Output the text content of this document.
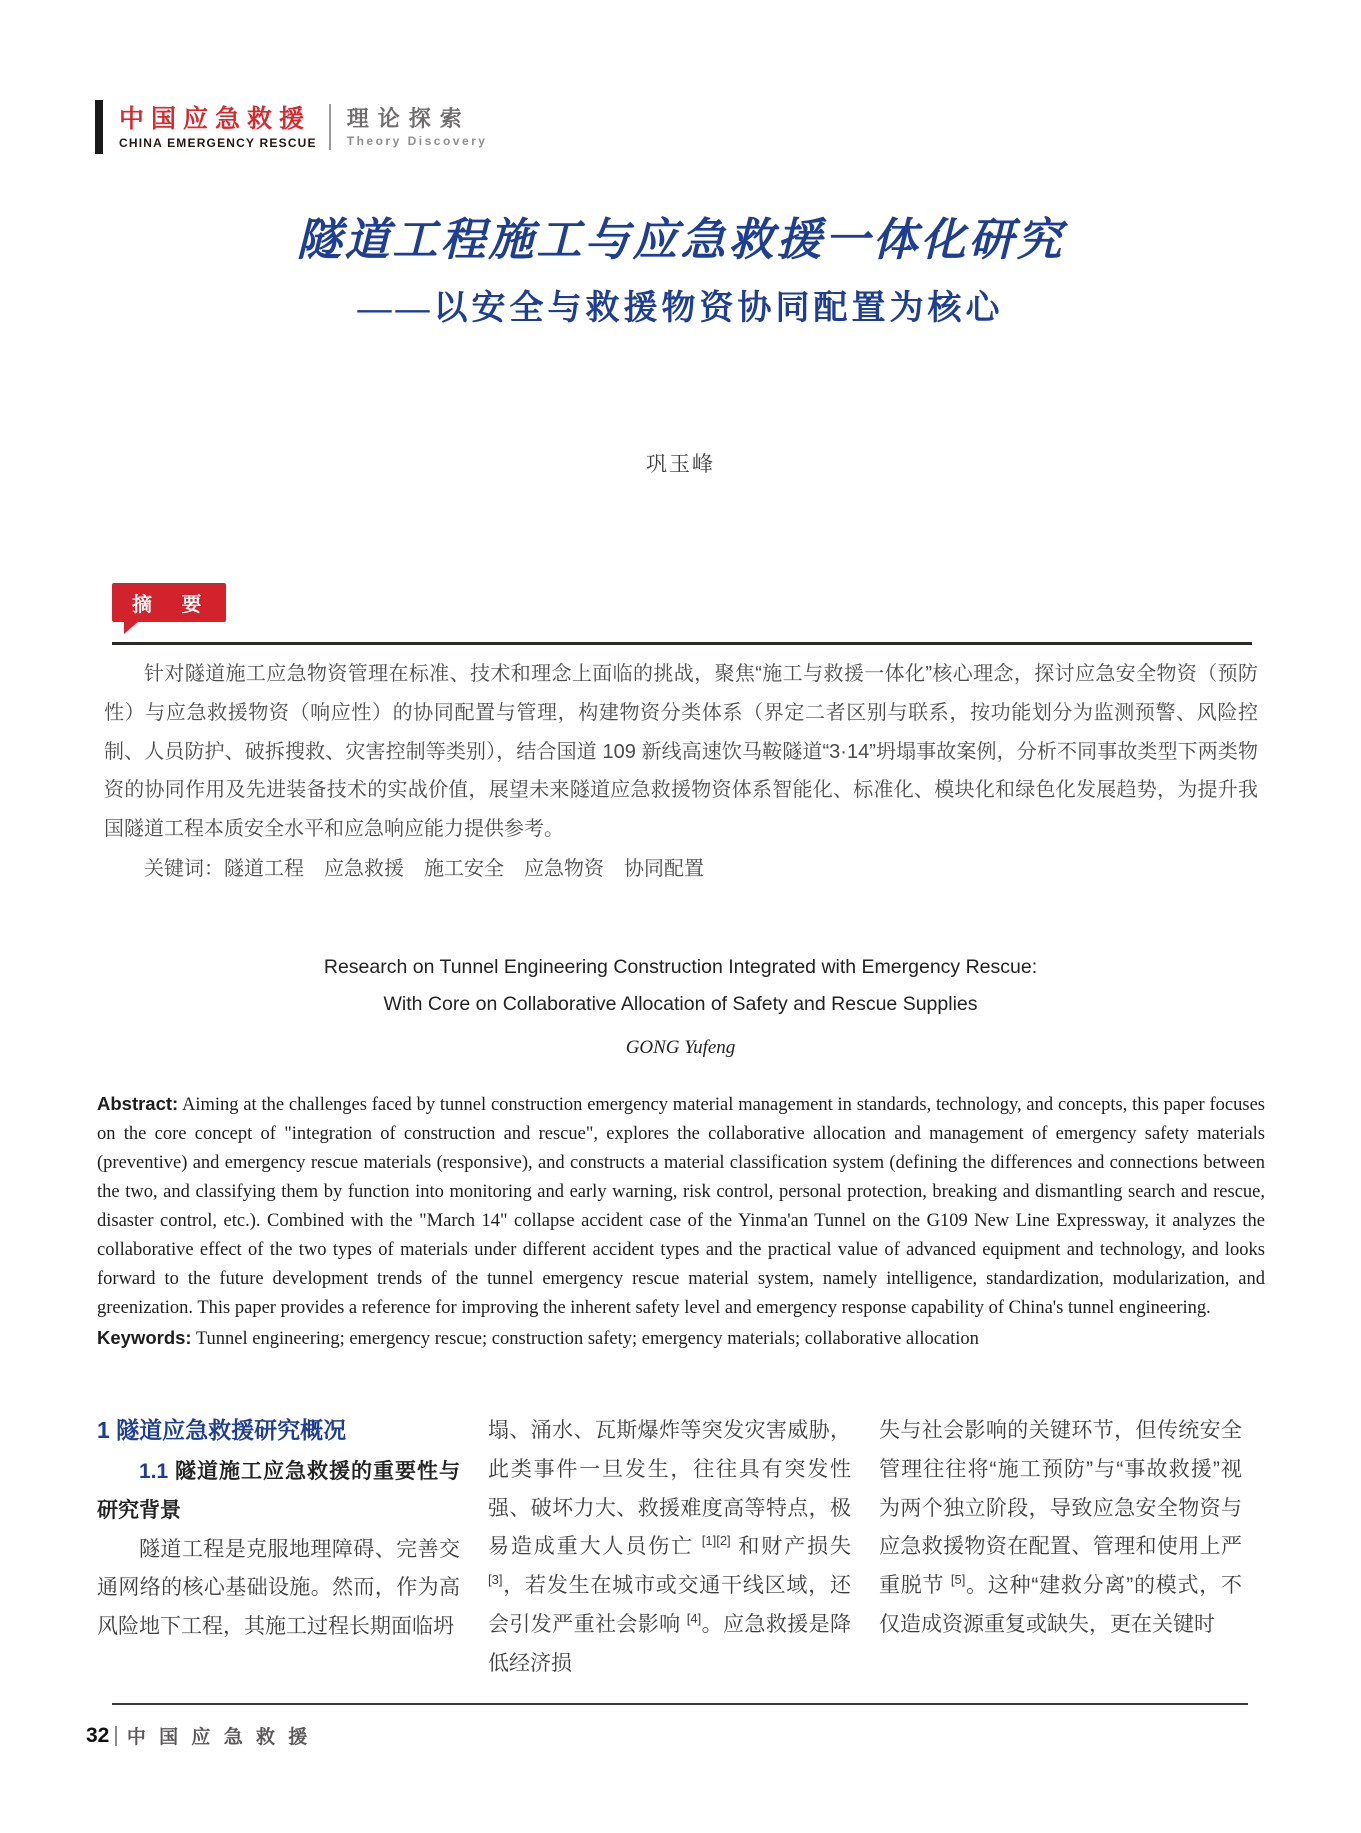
中国应急救援
CHINA EMERGENCY RESCUE
理论探索
Theory Discovery
隧道工程施工与应急救援一体化研究
——以安全与救援物资协同配置为核心
巩玉峰
摘 要

针对隧道施工应急物资管理在标准、技术和理念上面临的挑战，聚焦“施工与救援一体化”核心理念，探讨应急安全物资（预防性）与应急救援物资（响应性）的协同配置与管理，构建物资分类体系（界定二者区别与联系，按功能划分为监测预警、风险控制、人员防护、破拆搜救、灾害控制等类别），结合国道 109 新线高速饮马鞍隧道“3·14”坍塌事故案例，分析不同事故类型下两类物资的协同作用及先进装备技术的实战价值，展望未来隧道应急救援物资体系智能化、标准化、模块化和绿色化发展趋势，为提升我国隧道工程本质安全水平和应急响应能力提供参考。

关键词：隧道工程　应急救援　施工安全　应急物资　协同配置

Research on Tunnel Engineering Construction Integrated with Emergency Rescue:
With Core on Collaborative Allocation of Safety and Rescue Supplies
GONG Yufeng

Abstract: Aiming at the challenges faced by tunnel construction emergency material management in standards, technology, and concepts, this paper focuses on the core concept of "integration of construction and rescue", explores the collaborative allocation and management of emergency safety materials (preventive) and emergency rescue materials (responsive), and constructs a material classification system (defining the differences and connections between the two, and classifying them by function into monitoring and early warning, risk control, personal protection, breaking and dismantling search and rescue, disaster control, etc.). Combined with the "March 14" collapse accident case of the Yinma'an Tunnel on the G109 New Line Expressway, it analyzes the collaborative effect of the two types of materials under different accident types and the practical value of advanced equipment and technology, and looks forward to the future development trends of the tunnel emergency rescue material system, namely intelligence, standardization, modularization, and greenization. This paper provides a reference for improving the inherent safety level and emergency response capability of China's tunnel engineering.

Keywords: Tunnel engineering; emergency rescue; construction safety; emergency materials; collaborative allocation

1 隧道应急救援研究概况

1.1 隧道施工应急救援的重要性与研究背景

隧道工程是克服地理障碍、完善交通网络的核心基础设施。然而，作为高风险地下工程，其施工过程长期面临坍

塌、涌水、瓦斯爆炸等突发灾害威胁，此类事件一旦发生，往往具有突发性强、破坏力大、救援难度高等特点，极易造成重大人员伤亡 [1][2] 和财产损失 [3]，若发生在城市或交通干线区域，还会引发严重社会影响 [4]。应急救援是降低经济损

失与社会影响的关键环节，但传统安全管理往往将“施工预防”与“事故救援”视为两个独立阶段，导致应急安全物资与应急救援物资在配置、管理和使用上严重脱节 [5]。这种“建救分离”的模式，不仅造成资源重复或缺失，更在关键时

32 中 国 应 急 救 援
